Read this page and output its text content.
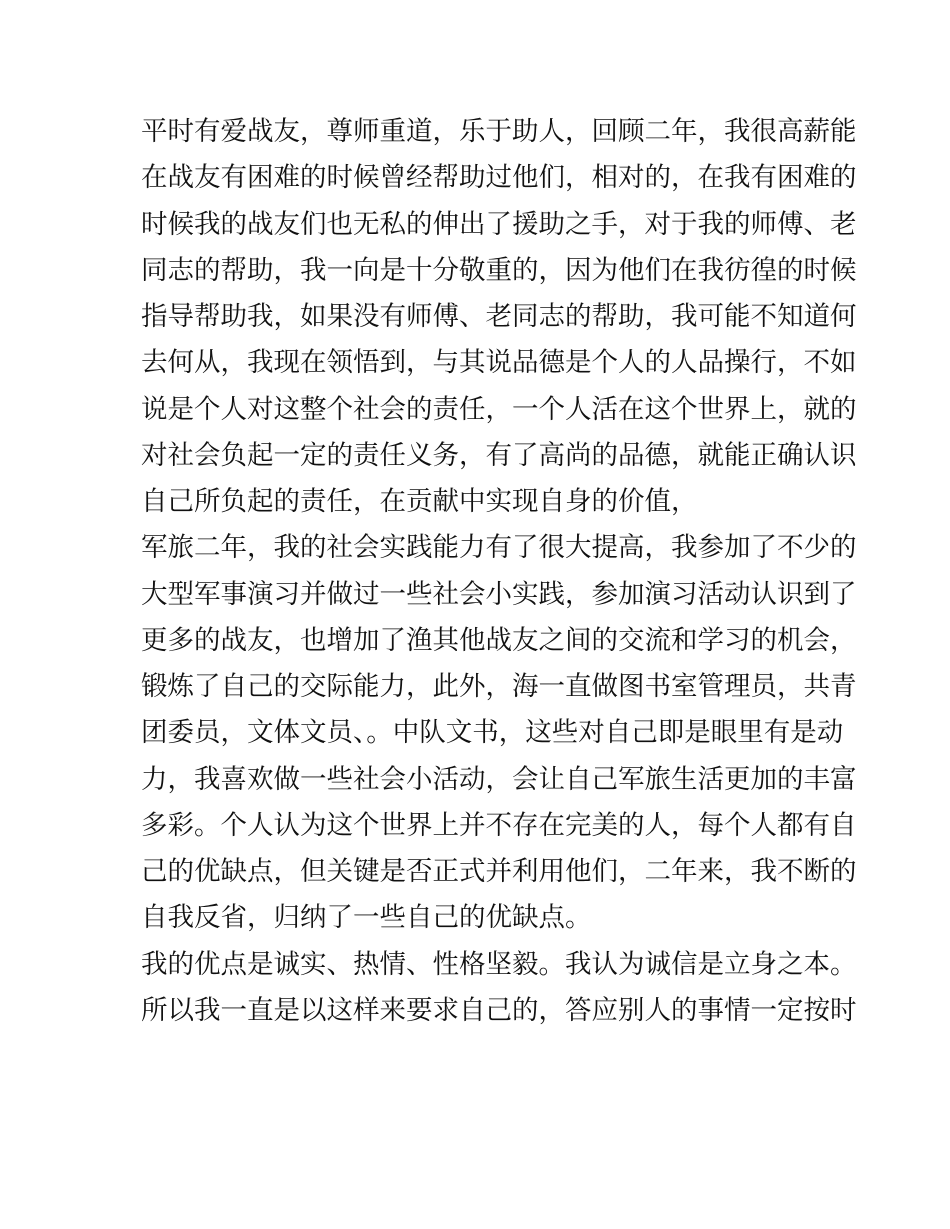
平时有爱战友，尊师重道，乐于助人，回顾二年，我很高薪能
在战友有困难的时候曾经帮助过他们，相对的，在我有困难的
时候我的战友们也无私的伸出了援助之手，对于我的师傅、老
同志的帮助，我一向是十分敬重的，因为他们在我彷徨的时候
指导帮助我，如果没有师傅、老同志的帮助，我可能不知道何
去何从，我现在领悟到，与其说品德是个人的人品操行，不如
说是个人对这整个社会的责任，一个人活在这个世界上，就的
对社会负起一定的责任义务，有了高尚的品德，就能正确认识
自己所负起的责任，在贡献中实现自身的价值，
军旅二年，我的社会实践能力有了很大提高，我参加了不少的
大型军事演习并做过一些社会小实践，参加演习活动认识到了
更多的战友，也增加了渔其他战友之间的交流和学习的机会，
锻炼了自己的交际能力，此外，海一直做图书室管理员，共青
团委员，文体文员、。中队文书，这些对自己即是眼里有是动
力，我喜欢做一些社会小活动，会让自己军旅生活更加的丰富
多彩。个人认为这个世界上并不存在完美的人，每个人都有自
己的优缺点，但关键是否正式并利用他们，二年来，我不断的
自我反省，归纳了一些自己的优缺点。
我的优点是诚实、热情、性格坚毅。我认为诚信是立身之本。
所以我一直是以这样来要求自己的，答应别人的事情一定按时
